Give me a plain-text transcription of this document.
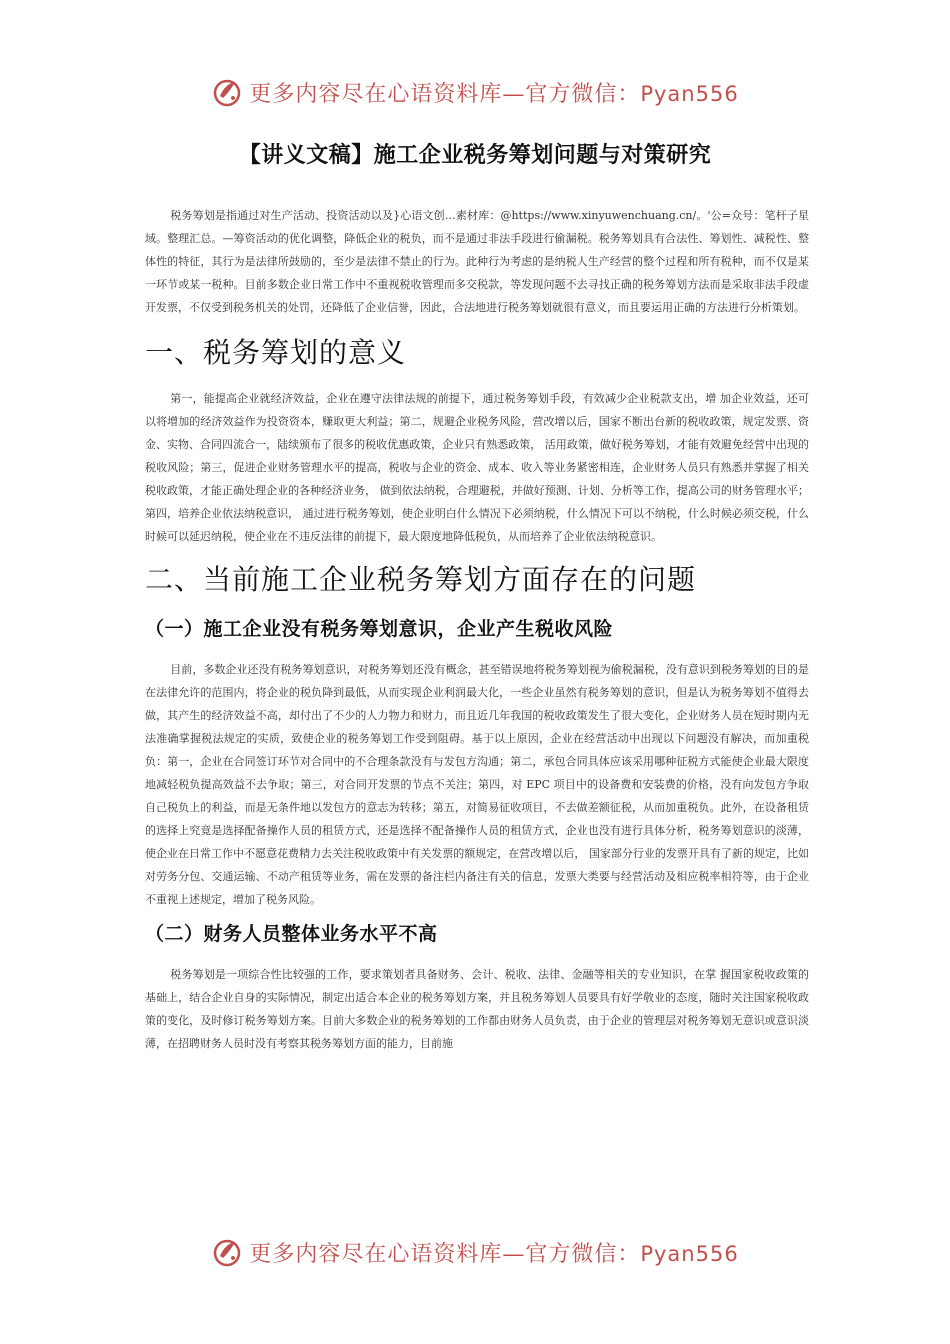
更多内容尽在心语资料库—官方微信：Pyan556
【讲义文稿】施工企业税务筹划问题与对策研究

税务筹划是指通过对生产活动、投资活动以及}心语文创…素材库：@https://www.xinyuwenchuang.cn/。'公=众号：笔杆子星域。整理汇总。—筹资活动的优化调整，降低企业的税负，而不是通过非法手段进行偷漏税。税务筹划具有合法性、筹划性、减税性、整体性的特征，其行为是法律所鼓励的，至少是法律不禁止的行为。此种行为考虑的是纳税人生产经营的整个过程和所有税种，而不仅是某一环节或某一税种。目前多数企业日常工作中不重视税收管理而多交税款，等发现问题不去寻找正确的税务筹划方法而是采取非法手段虚开发票，不仅受到税务机关的处罚，还降低了企业信誉，因此，合法地进行税务筹划就很有意义，而且要运用正确的方法进行分析策划。

一、税务筹划的意义

第一，能提高企业就经济效益，企业在遵守法律法规的前提下，通过税务筹划手段，有效减少企业税款支出，增 加企业效益，还可以将增加的经济效益作为投资资本，赚取更大利益；第二，规避企业税务风险，营改增以后，国家不断出台新的税收政策，规定发票、资金、实物、合同四流合一，陆续颁布了很多的税收优惠政策，企业只有熟悉政策， 活用政策，做好税务筹划，才能有效避免经营中出现的税收风险；第三，促进企业财务管理水平的提高，税收与企业的资金、成本、收入等业务紧密相连，企业财务人员只有熟悉并掌握了相关税收政策，才能正确处理企业的各种经济业务， 做到依法纳税，合理避税，并做好预测、计划、分析等工作，提高公司的财务管理水平；第四，培养企业依法纳税意识， 通过进行税务筹划，使企业明白什么情况下必须纳税，什么情况下可以不纳税，什么时候必须交税，什么时候可以延迟纳税，使企业在不违反法律的前提下，最大限度地降低税负，从而培养了企业依法纳税意识。

二、当前施工企业税务筹划方面存在的问题
（一）施工企业没有税务筹划意识，企业产生税收风险

目前，多数企业还没有税务筹划意识，对税务筹划还没有概念，甚至错误地将税务筹划视为偷税漏税，没有意识到税务筹划的目的是在法律允许的范围内，将企业的税负降到最低，从而实现企业利润最大化，一些企业虽然有税务筹划的意识，但是认为税务筹划不值得去做，其产生的经济效益不高，却付出了不少的人力物力和财力，而且近几年我国的税收政策发生了很大变化，企业财务人员在短时期内无法准确掌握税法规定的实质，致使企业的税务筹划工作受到阻碍。基于以上原因，企业在经营活动中出现以下问题没有解决，而加重税负：第一，企业在合同签订环节对合同中的不合理条款没有与发包方沟通；第二，承包合同具体应该采用哪种征税方式能使企业最大限度地减轻税负提高效益不去争取；第三，对合同开发票的节点不关注；第四，对 EPC 项目中的设备费和安装费的价格，没有向发包方争取自己税负上的利益，而是无条件地以发包方的意志为转移；第五，对简易征收项目，不去做差额征税，从而加重税负。此外，在设备租赁的选择上究竟是选择配备操作人员的租赁方式，还是选择不配备操作人员的租赁方式，企业也没有进行具体分析，税务筹划意识的淡薄，使企业在日常工作中不愿意花费精力去关注税收政策中有关发票的额规定，在营改增以后， 国家部分行业的发票开具有了新的规定，比如对劳务分包、交通运输、不动产租赁等业务，需在发票的备注栏内备注有关的信息，发票大类要与经营活动及相应税率相符等，由于企业不重视上述规定，增加了税务风险。

（二）财务人员整体业务水平不高

税务筹划是一项综合性比较强的工作，要求策划者具备财务、会计、税收、法律、金融等相关的专业知识，在掌 握国家税收政策的基础上，结合企业自身的实际情况，制定出适合本企业的税务筹划方案，并且税务筹划人员要具有好学敬业的态度，随时关注国家税收政策的变化，及时修订税务筹划方案。目前大多数企业的税务筹划的工作都由财务人员负责，由于企业的管理层对税务筹划无意识或意识淡薄，在招聘财务人员时没有考察其税务筹划方面的能力，目前施

更多内容尽在心语资料库—官方微信：Pyan556
